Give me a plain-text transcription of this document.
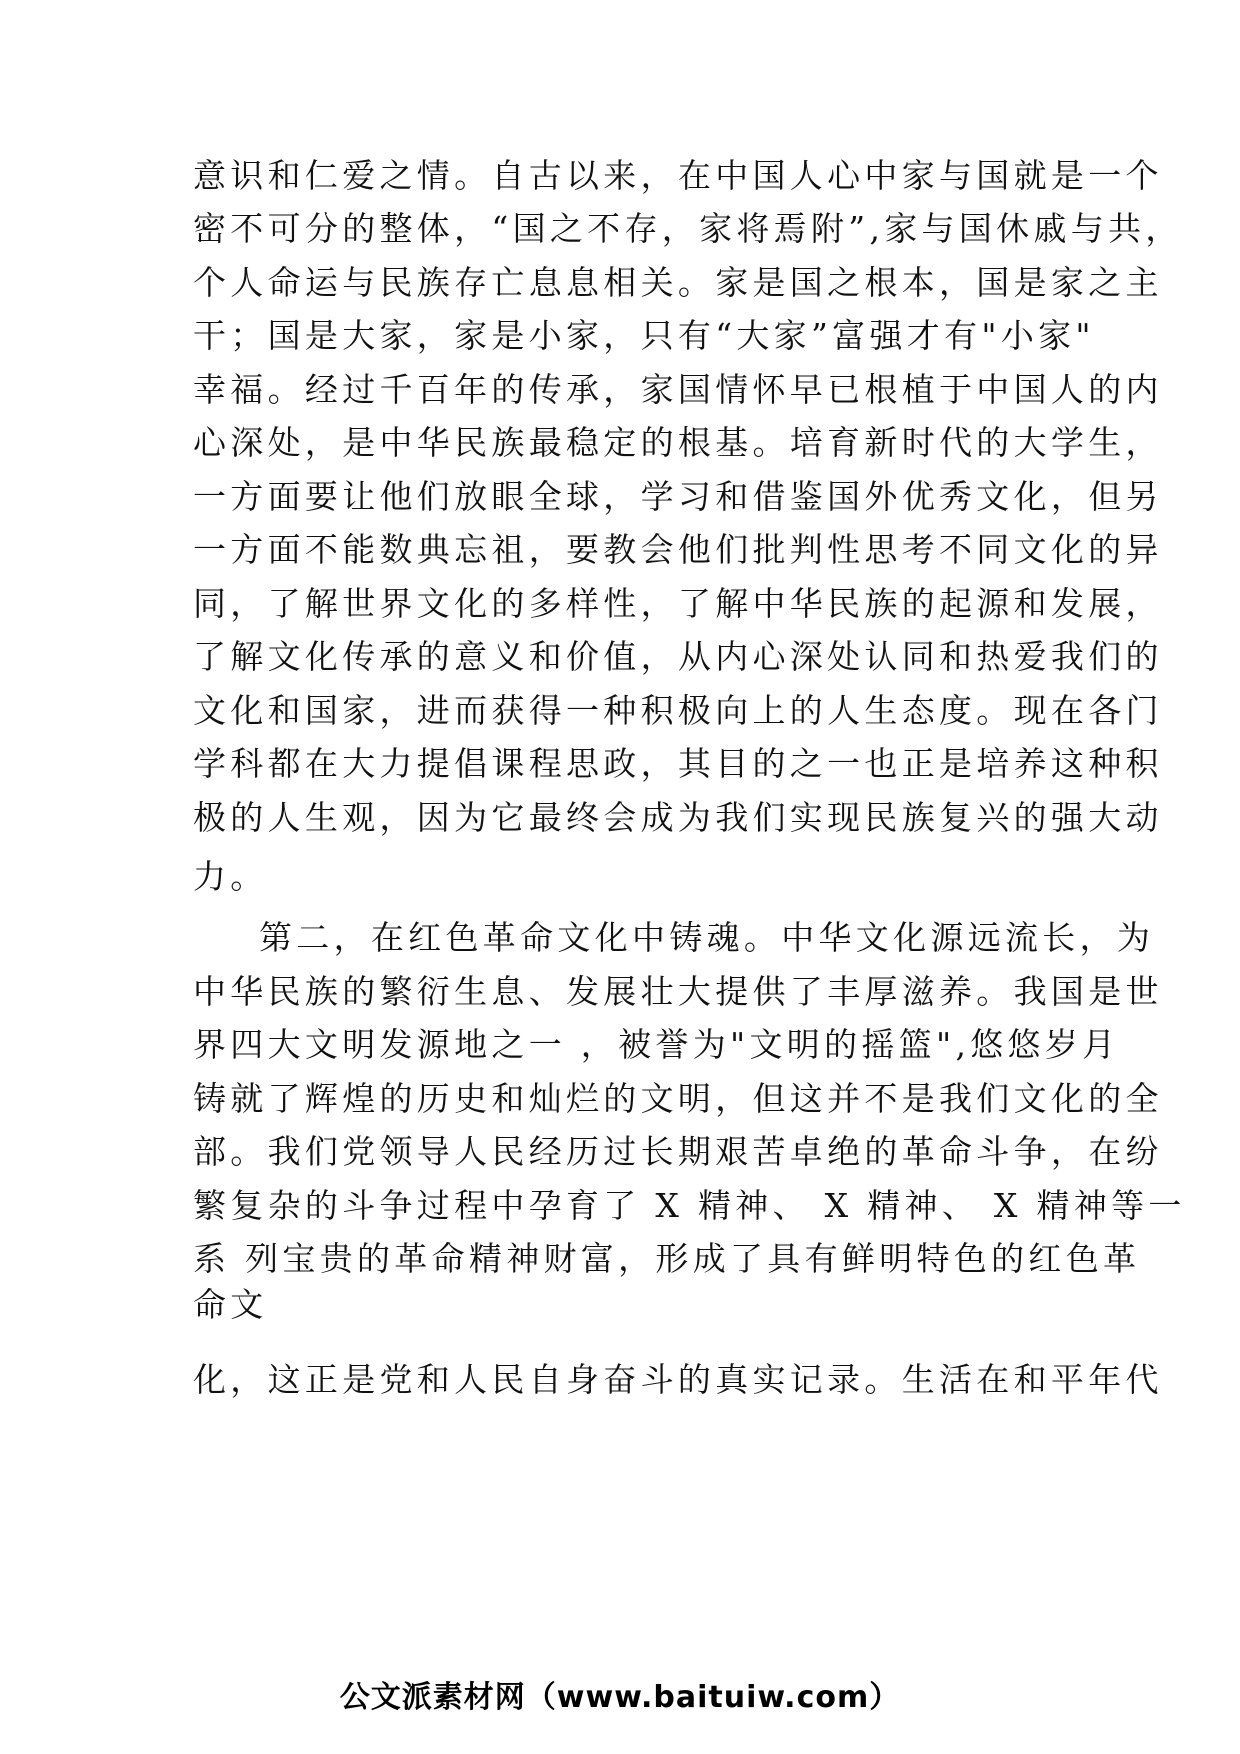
意识和仁爱之情。自古以来，在中国人心中家与国就是一个
密不可分的整体，“国之不存，家将焉附”,家与国休戚与共，
个人命运与民族存亡息息相关。家是国之根本，国是家之主
干；国是大家，家是小家，只有“大家”富强才有"小家"
幸福。经过千百年的传承，家国情怀早已根植于中国人的内
心深处，是中华民族最稳定的根基。培育新时代的大学生，
一方面要让他们放眼全球，学习和借鉴国外优秀文化，但另
一方面不能数典忘祖，要教会他们批判性思考不同文化的异
同，了解世界文化的多样性，了解中华民族的起源和发展，
了解文化传承的意义和价值，从内心深处认同和热爱我们的
文化和国家，进而获得一种积极向上的人生态度。现在各门
学科都在大力提倡课程思政，其目的之一也正是培养这种积
极的人生观，因为它最终会成为我们实现民族复兴的强大动
力。
第二，在红色革命文化中铸魂。中华文化源远流长，为
中华民族的繁衍生息、发展壮大提供了丰厚滋养。我国是世
界四大文明发源地之一 ，被誉为"文明的摇篮",悠悠岁月
铸就了辉煌的历史和灿烂的文明，但这并不是我们文化的全
部。我们党领导人民经历过长期艰苦卓绝的革命斗争，在纷
繁复杂的斗争过程中孕育了 X 精神、 X 精神、 X 精神等一
系 列宝贵的革命精神财富，形成了具有鲜明特色的红色革
命文
化，这正是党和人民自身奋斗的真实记录。生活在和平年代
公文派素材网（www.baituiw.com）
